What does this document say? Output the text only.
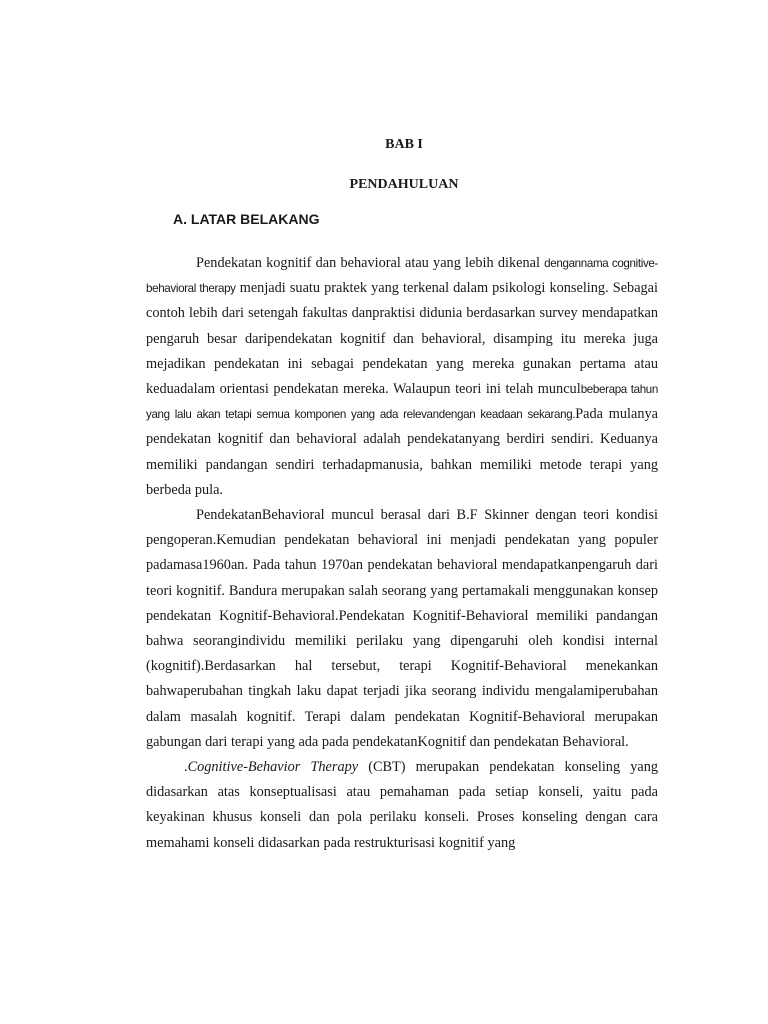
BAB I
PENDAHULUAN
A. LATAR BELAKANG

Pendekatan kognitif dan behavioral atau yang lebih dikenal dengannama cognitive-behavioral therapy menjadi suatu praktek yang terkenal dalam psikologi konseling. Sebagai contoh lebih dari setengah fakultas danpraktisi didunia berdasarkan survey mendapatkan pengaruh besar daripendekatan kognitif dan behavioral, disamping itu mereka juga mejadikan pendekatan ini sebagai pendekatan yang mereka gunakan pertama atau keduadalam orientasi pendekatan mereka. Walaupun teori ini telah munculbeberapa tahun yang lalu akan tetapi semua komponen yang ada relevandengan keadaan sekarang.Pada mulanya pendekatan kognitif dan behavioral adalah pendekatanyang berdiri sendiri. Keduanya memiliki pandangan sendiri terhadapmanusia, bahkan memiliki metode terapi yang berbeda pula.

PendekatanBehavioral muncul berasal dari B.F Skinner dengan teori kondisi pengoperan.Kemudian pendekatan behavioral ini menjadi pendekatan yang populer padamasa1960an. Pada tahun 1970an pendekatan behavioral mendapatkanpengaruh dari teori kognitif. Bandura merupakan salah seorang yang pertamakali menggunakan konsep pendekatan Kognitif-Behavioral.Pendekatan Kognitif-Behavioral memiliki pandangan bahwa seorangindividu memiliki perilaku yang dipengaruhi oleh kondisi internal (kognitif).Berdasarkan hal tersebut, terapi Kognitif-Behavioral menekankan bahwaperubahan tingkah laku dapat terjadi jika seorang individu mengalamiperubahan dalam masalah kognitif. Terapi dalam pendekatan Kognitif-Behavioral merupakan gabungan dari terapi yang ada pada pendekatanKognitif dan pendekatan Behavioral.

.Cognitive-Behavior Therapy (CBT) merupakan pendekatan konseling yang didasarkan atas konseptualisasi atau pemahaman pada setiap konseli, yaitu pada keyakinan khusus konseli dan pola perilaku konseli. Proses konseling dengan cara memahami konseli didasarkan pada restrukturisasi kognitif yang
